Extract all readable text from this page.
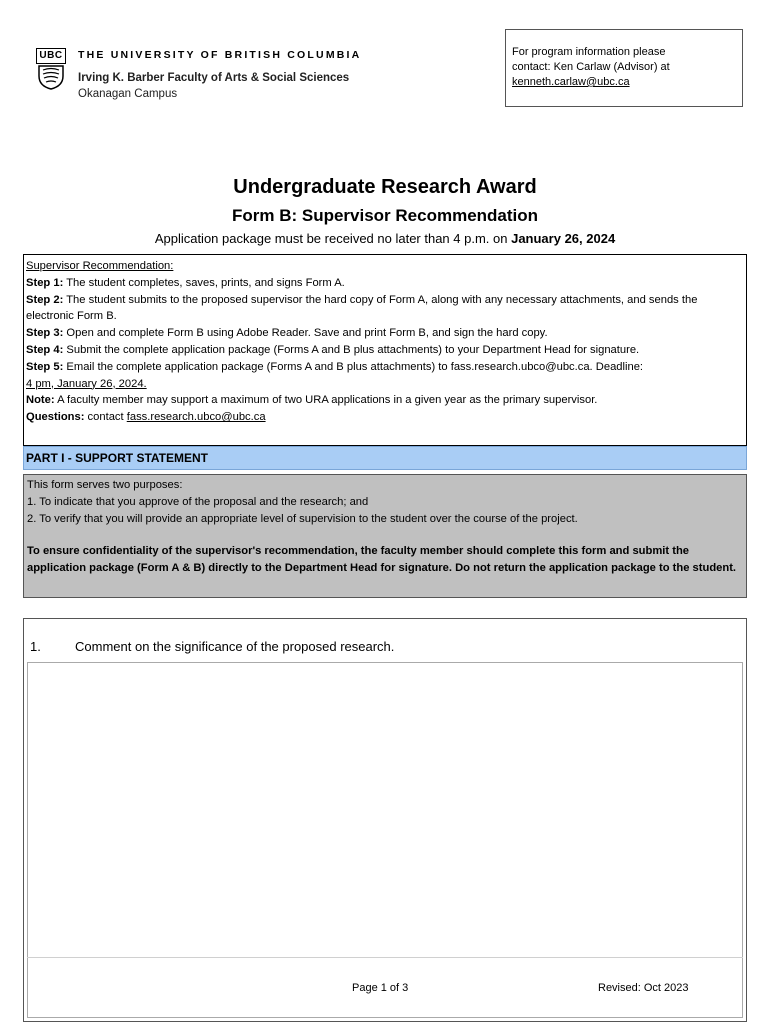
UBC	THE UNIVERSITY OF BRITISH COLUMBIA
Irving K. Barber Faculty of Arts & Social Sciences
Okanagan Campus
For program information please
contact: Ken Carlaw (Advisor) at
kenneth.carlaw@ubc.ca
Undergraduate Research Award
Form B: Supervisor Recommendation
Application package must be received no later than 4 p.m. on January 26, 2024
Supervisor Recommendation:
Step 1: The student completes, saves, prints, and signs Form A.
Step 2: The student submits to the proposed supervisor the hard copy of Form A, along with any necessary attachments, and sends the electronic Form B.
Step 3: Open and complete Form B using Adobe Reader. Save and print Form B, and sign the hard copy.
Step 4: Submit the complete application package (Forms A and B plus attachments) to your Department Head for signature.
Step 5: Email the complete application package (Forms A and B plus attachments) to fass.research.ubco@ubc.ca. Deadline:
4 pm, January 26, 2024.
Note: A faculty member may support a maximum of two URA applications in a given year as the primary supervisor.
Questions: contact fass.research.ubco@ubc.ca
PART I - SUPPORT STATEMENT
This form serves two purposes:
1. To indicate that you approve of the proposal and the research; and
2. To verify that you will provide an appropriate level of supervision to the student over the course of the project.
To ensure confidentiality of the supervisor's recommendation, the faculty member should complete this form and submit the application package (Form A & B) directly to the Department Head for signature. Do not return the application package to the student.
1.	Comment on the significance of the proposed research.
Page 1 of 3	Revised: Oct 2023
